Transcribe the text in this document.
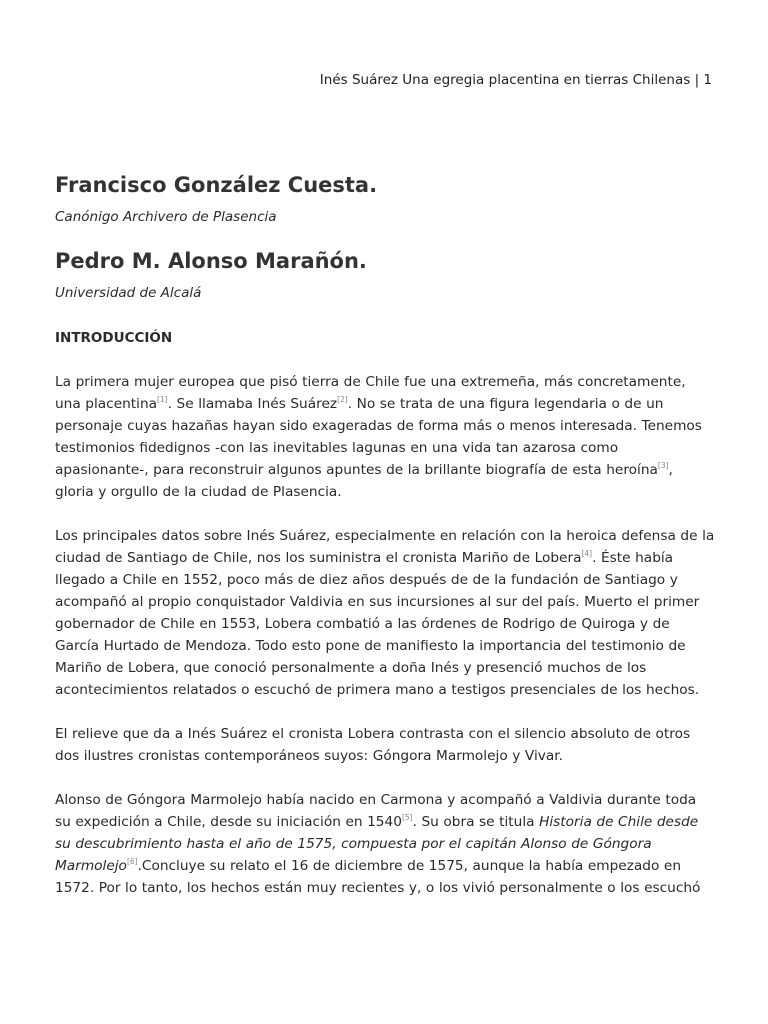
Inés Suárez Una egregia placentina en tierras Chilenas | 1
Francisco González Cuesta.

Canónigo Archivero de Plasencia

Pedro M. Alonso Marañón.

Universidad de Alcalá

INTRODUCCIÓN

La primera mujer europea que pisó tierra de Chile fue una extremeña, más concretamente, una placentina[1]. Se llamaba Inés Suárez[2]. No se trata de una figura legendaria o de un personaje cuyas hazañas hayan sido exageradas de forma más o menos interesada. Tenemos testimonios fidedignos -con las inevitables lagunas en una vida tan azarosa como apasionante-, para reconstruir algunos apuntes de la brillante biografía de esta heroína[3], gloria y orgullo de la ciudad de Plasencia.

Los principales datos sobre Inés Suárez, especialmente en relación con la heroica defensa de la ciudad de Santiago de Chile, nos los suministra el cronista Mariño de Lobera[4]. Éste había llegado a Chile en 1552, poco más de diez años después de de la fundación de Santiago y acompañó al propio conquistador Valdivia en sus incursiones al sur del país. Muerto el primer gobernador de Chile en 1553, Lobera combatió a las órdenes de Rodrigo de Quiroga y de García Hurtado de Mendoza. Todo esto pone de manifiesto la importancia del testimonio de Mariño de Lobera, que conoció personalmente a doña Inés y presenció muchos de los acontecimientos relatados o escuchó de primera mano a testigos presenciales de los hechos.

El relieve que da a Inés Suárez el cronista Lobera contrasta con el silencio absoluto de otros dos ilustres cronistas contemporáneos suyos: Góngora Marmolejo y Vivar.

Alonso de Góngora Marmolejo había nacido en Carmona y acompañó a Valdivia durante toda su expedición a Chile, desde su iniciación en 1540[5]. Su obra se titula Historia de Chile desde su descubrimiento hasta el año de 1575, compuesta por el capitán Alonso de Góngora Marmolejo[6].Concluye su relato el 16 de diciembre de 1575, aunque la había empezado en 1572. Por lo tanto, los hechos están muy recientes y, o los vivió personalmente o los escuchó
